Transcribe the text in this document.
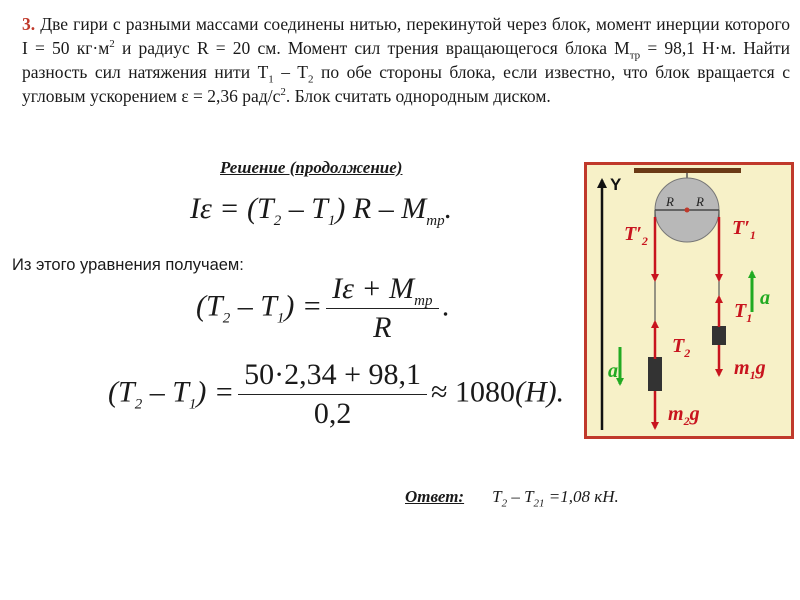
3. Две гири с разными массами соединены нитью, перекинутой через блок, момент инерции которого I = 50 $кг\cdot м^2$ и радиус R = 20 см. Момент сил трения вращающегося блока $M_{тр} = 98,1$ Н·м. Найти разность сил натяжения нити $T_1 - T_2$ по обе стороны блока, если известно, что блок вращается с угловым ускорением ε = 2,36 рад/$с^2$. Блок считать однородным диском.
Решение (продолжение)
$I\varepsilon = (T_2 - T_1)$ R – $M_{тр}$.
Из этого уравнения получаем:
$(T_2 - T_1) = \frac{I\varepsilon + M_{тр}}{R}$ .
$(T_2 - T_1) = \frac{50\cdot 2,34 + 98,1}{0,2} \approx 1080(H)$.
Ответ: $T_2 - T_{21} =1,08$ кН.
Y
R R
$T'_2$
$T'_1$
$T_2$
$T_1$
$m_1g$
$m_2g$
a
a
